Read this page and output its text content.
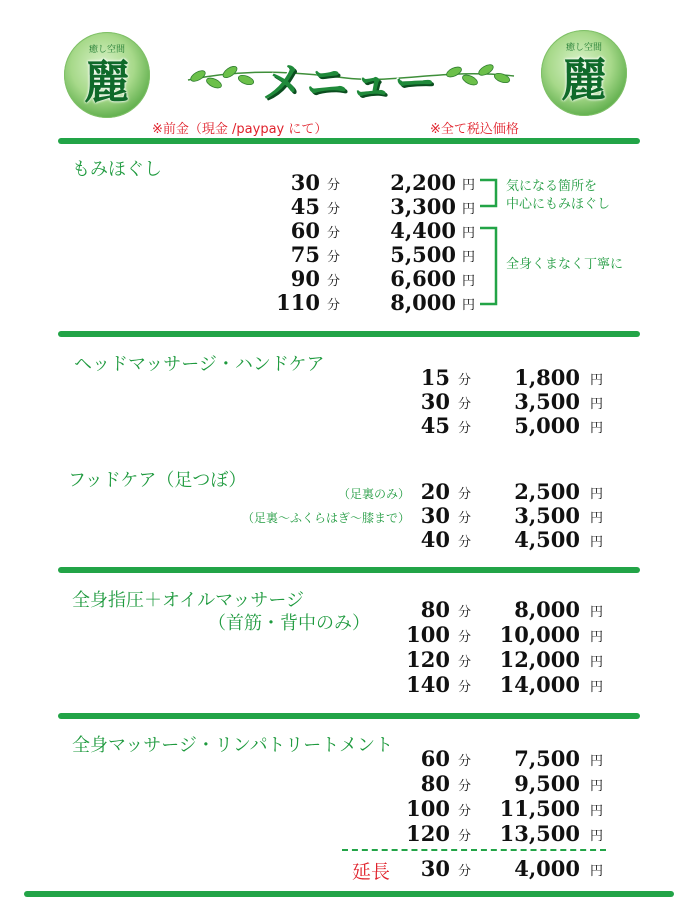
癒し空間
麗
癒し空間
麗
メニュー
※前金（現金 /paypay にて）	※全て税込価格
もみほぐし
30 分	2,200 円
45 分	3,300 円
60 分	4,400 円
75 分	5,500 円
90 分	6,600 円
110 分	8,000 円
気になる箇所を
中心にもみほぐし
全身くまなく丁寧に
ヘッドマッサージ・ハンドケア
15 分	1,800 円
30 分	3,500 円
45 分	5,000 円
フッドケア（足つぼ）
（足裏のみ） 20 分	2,500 円
（足裏～ふくらはぎ～膝まで） 30 分	3,500 円
40 分	4,500 円
全身指圧＋オイルマッサージ
（首筋・背中のみ）
80 分	8,000 円
100 分	10,000 円
120 分	12,000 円
140 分	14,000 円
全身マッサージ・リンパトリートメント
60 分	7,500 円
80 分	9,500 円
100 分	11,500 円
120 分	13,500 円
延長	30 分	4,000 円
